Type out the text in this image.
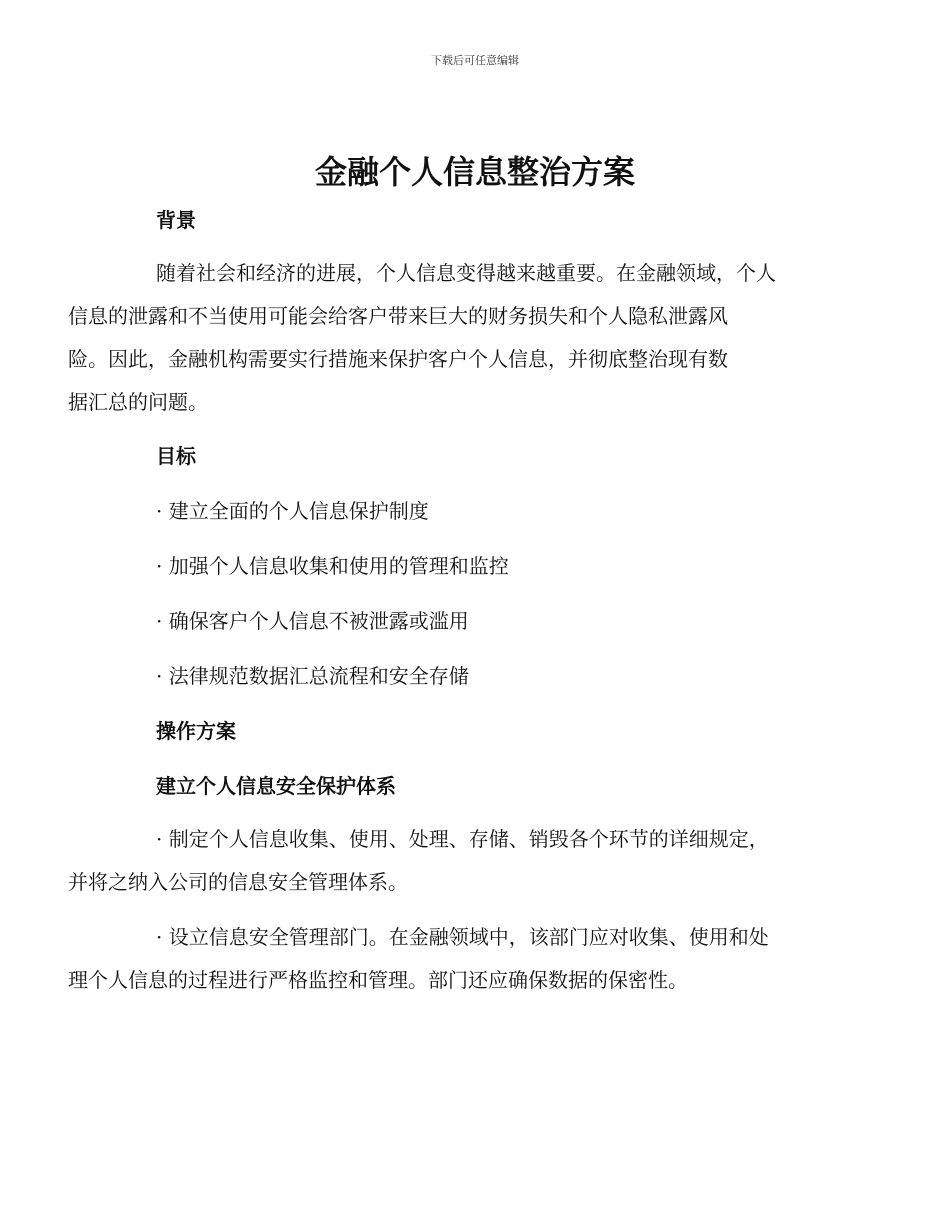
下载后可任意编辑
金融个人信息整治方案
背景
随着社会和经济的进展，个人信息变得越来越重要。在金融领域，个人
信息的泄露和不当使用可能会给客户带来巨大的财务损失和个人隐私泄露风
险。因此，金融机构需要实行措施来保护客户个人信息，并彻底整治现有数
据汇总的问题。
目标

· 建立全面的个人信息保护制度

· 加强个人信息收集和使用的管理和监控

· 确保客户个人信息不被泄露或滥用

· 法律规范数据汇总流程和安全存储

操作方案
建立个人信息安全保护体系
· 制定个人信息收集、使用、处理、存储、销毁各个环节的详细规定，
并将之纳入公司的信息安全管理体系。
· 设立信息安全管理部门。在金融领域中，该部门应对收集、使用和处
理个人信息的过程进行严格监控和管理。部门还应确保数据的保密性。
